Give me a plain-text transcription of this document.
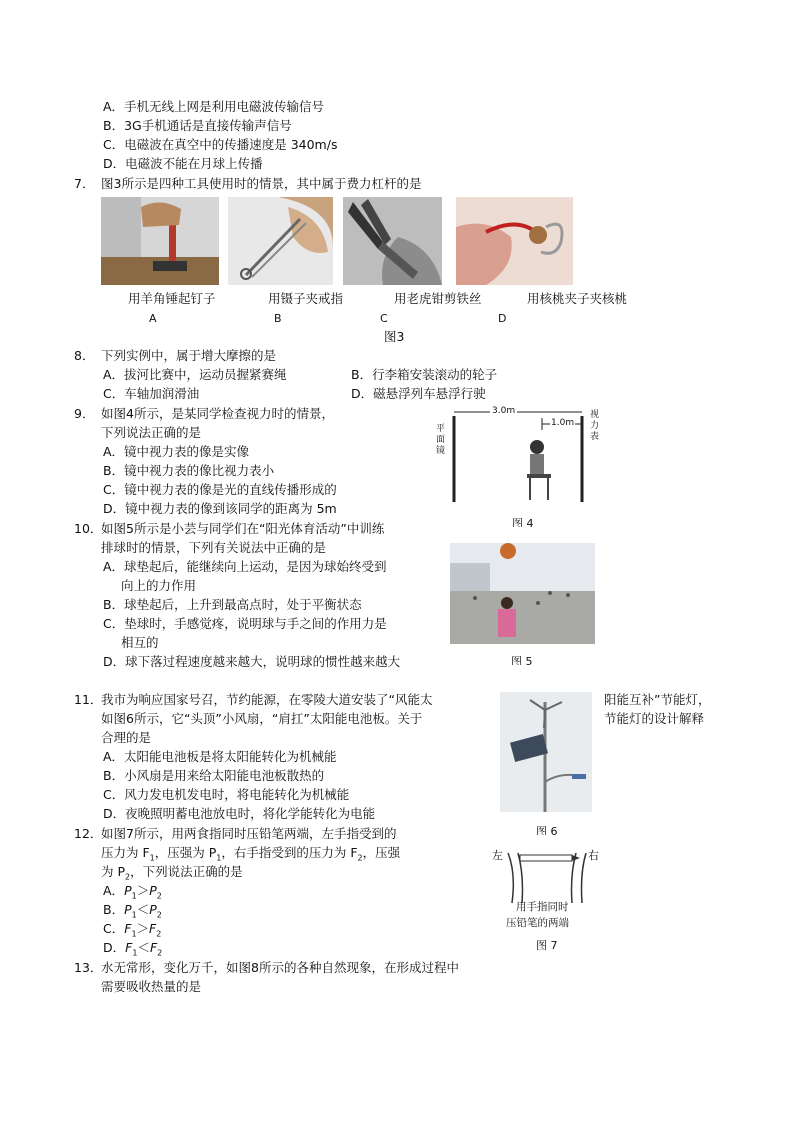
A．手机无线上网是利用电磁波传输信号
B．3G手机通话是直接传输声信号
C．电磁波在真空中的传播速度是 340m/s
D．电磁波不能在月球上传播
7． 图3所示是四种工具使用时的情景，其中属于费力杠杆的是
用羊角锤起钉子	用镊子夹戒指	用老虎钳剪铁丝	用核桃夹子夹核桃
A	B	C	D
图3
8． 下列实例中，属于增大摩擦的是
A．拔河比赛中，运动员握紧赛绳	B．行李箱安装滚动的轮子
C．车轴加润滑油	D．磁悬浮列车悬浮行驶
9． 如图4所示，是某同学检查视力时的情景，
下列说法正确的是
A．镜中视力表的像是实像
B．镜中视力表的像比视力表小
C．镜中视力表的像是光的直线传播形成的
D．镜中视力表的像到该同学的距离为 5m
3.0m
1.0m
平面镜
视力表
图 4
10．
如图5所示是小芸与同学们在“阳光体育活动”中训练
排球时的情景，下列有关说法中正确的是
A．球垫起后，能继续向上运动，是因为球始终受到
向上的力作用
B．球垫起后，上升到最高点时，处于平衡状态
C．垫球时，手感觉疼，说明球与手之间的作用力是
相互的
D．球下落过程速度越来越大，说明球的惯性越来越大	图 5
11．
我市为响应国家号召，节约能源，在零陵大道安装了“风能太	阳能互补”节能灯，
如图6所示，它“头顶”小风扇，“肩扛”太阳能电池板。关于	节能灯的设计解释
合理的是
A．太阳能电池板是将太阳能转化为机械能
B．小风扇是用来给太阳能电池板散热的
C．风力发电机发电时，将电能转化为机械能
D．夜晚照明蓄电池放电时，将化学能转化为电能
图 6
12．
如图7所示，用两食指同时压铅笔两端，左手指受到的
压力为 $F_1$，压强为 $P_1$，右手指受到的压力为 $F_2$，压强
为 $P_2$，下列说法正确的是
A．$P_1>P_2$
B．$P_1<P_2$
C．$F_1>F_2$
D．$F_1<F_2$
左	右
用手指同时
压铅笔的两端
图 7
13．
水无常形，变化万千，如图8所示的各种自然现象，在形成过程中
需要吸收热量的是
